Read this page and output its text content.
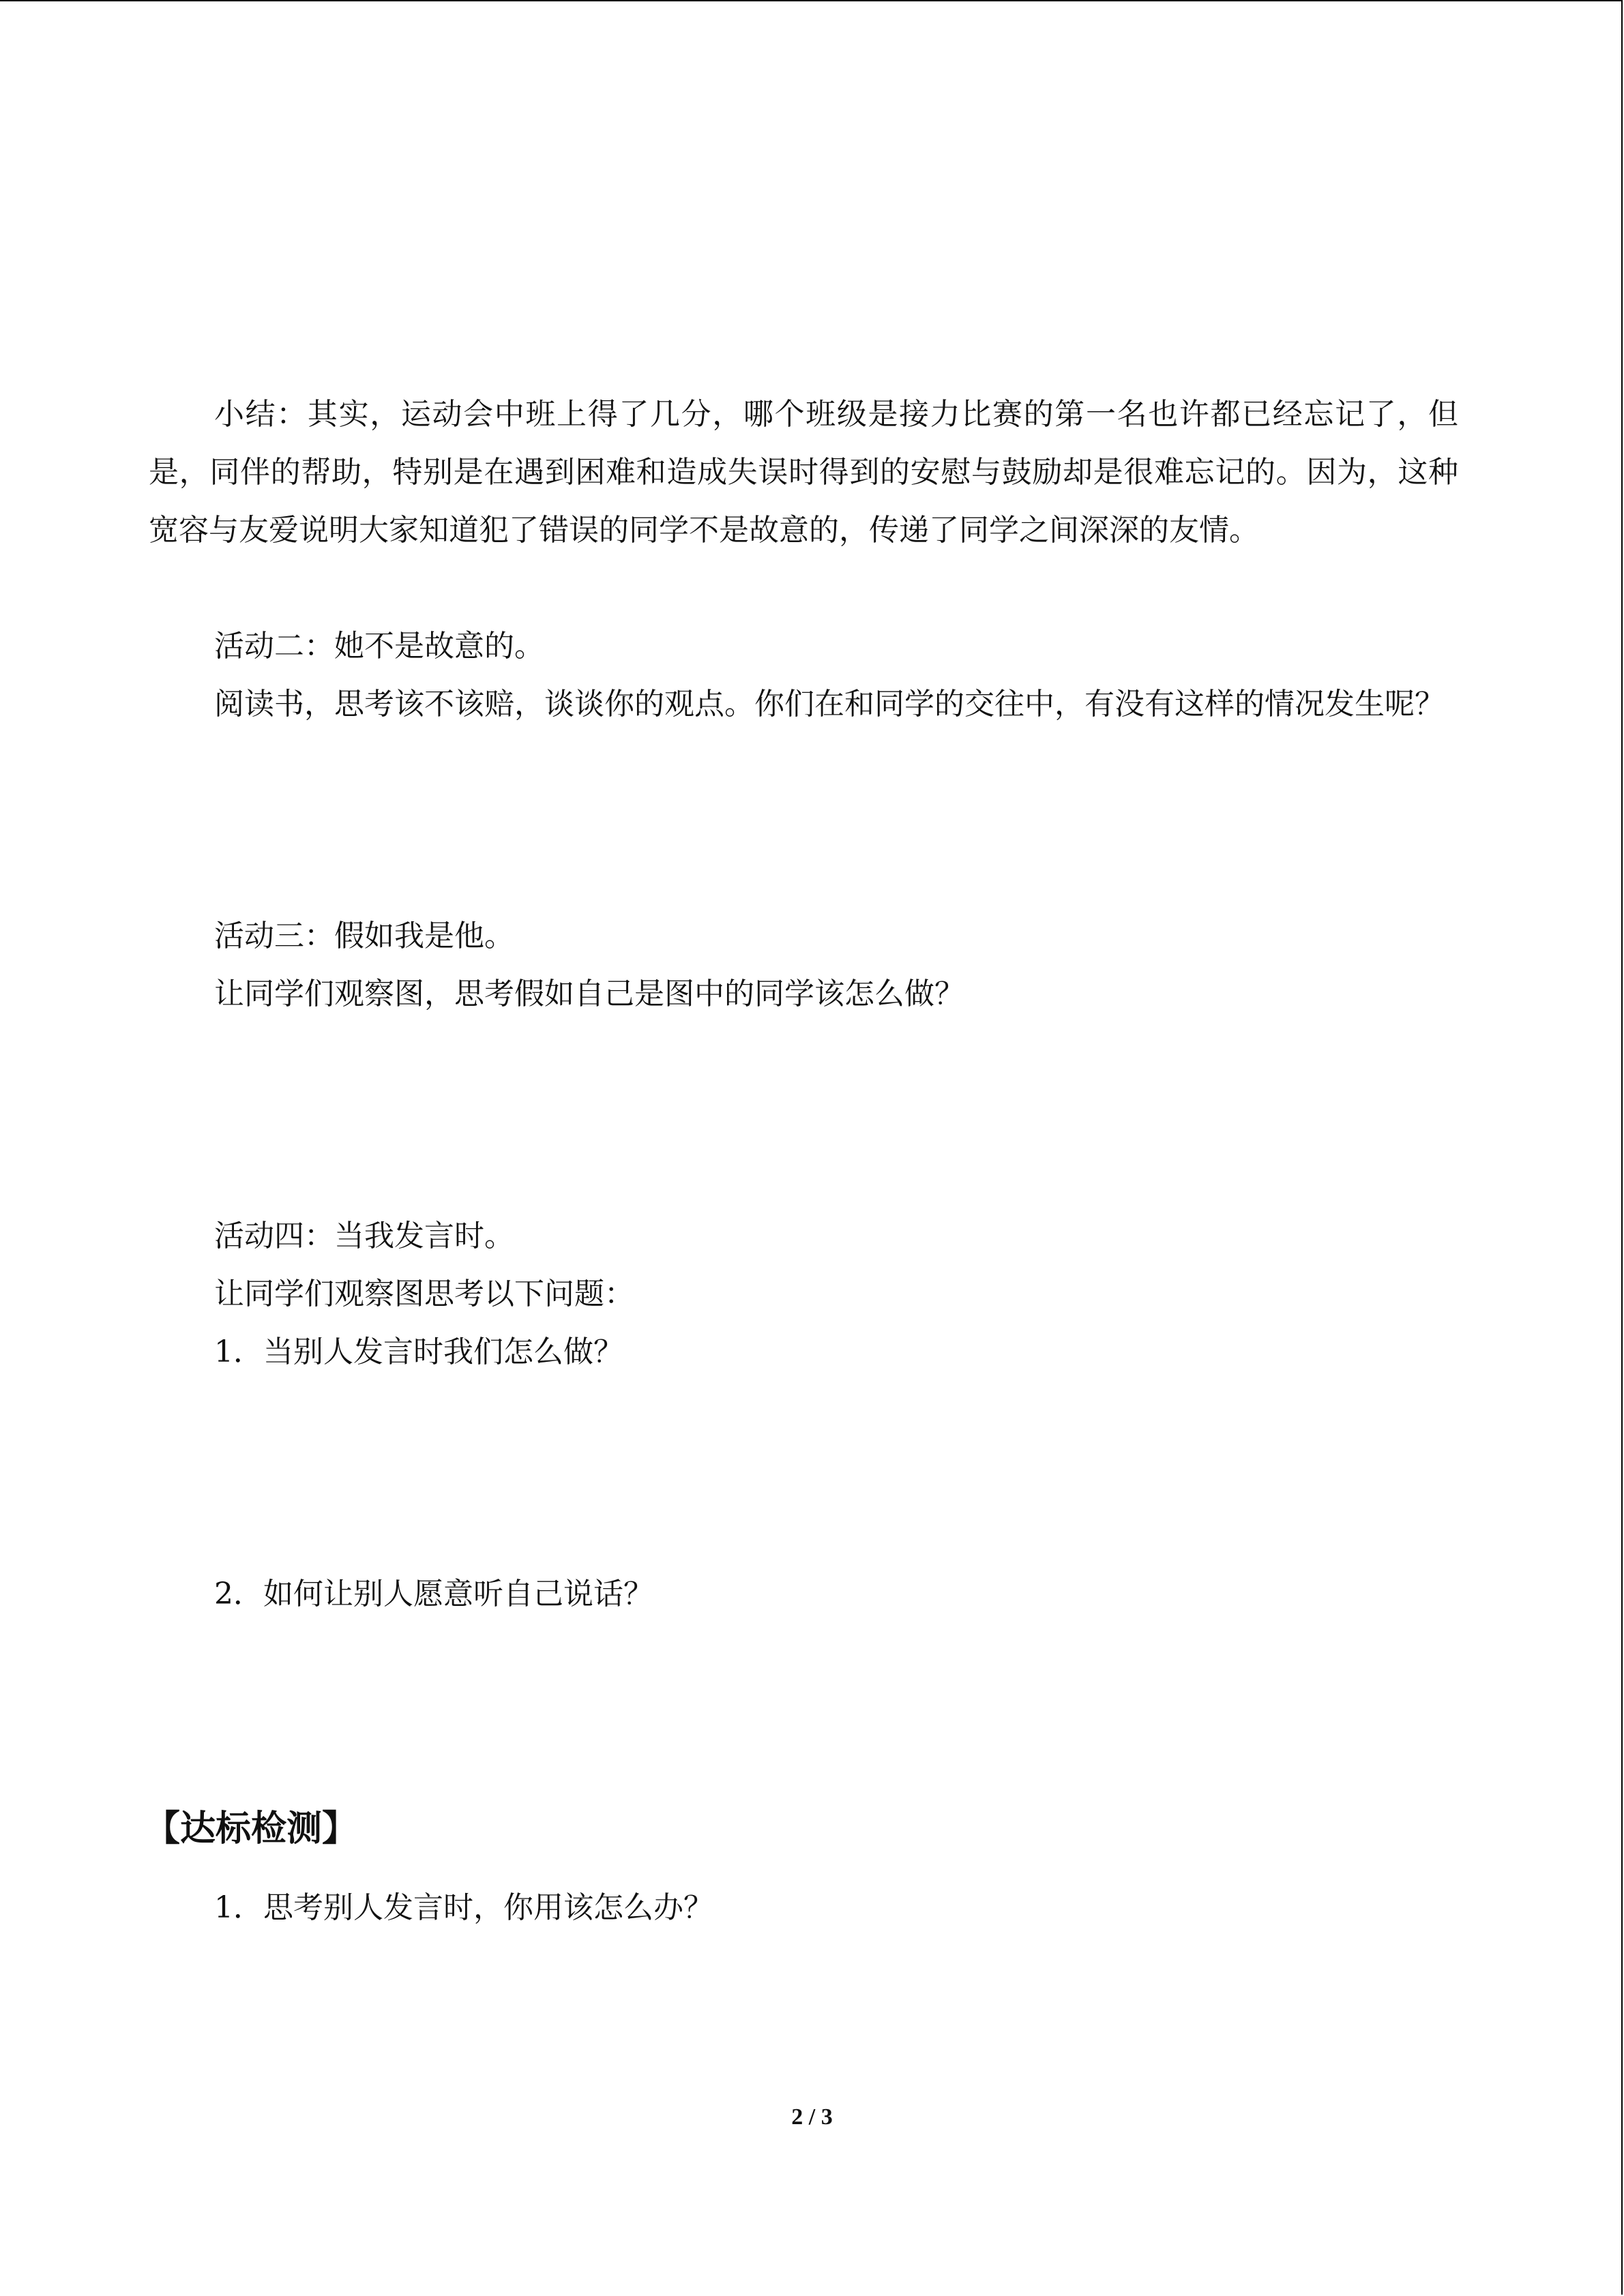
小结：其实，运动会中班上得了几分，哪个班级是接力比赛的第一名也许都已经忘记了，但是，同伴的帮助，特别是在遇到困难和造成失误时得到的安慰与鼓励却是很难忘记的。因为，这种宽容与友爱说明大家知道犯了错误的同学不是故意的，传递了同学之间深深的友情。

活动二：她不是故意的。

阅读书，思考该不该赔，谈谈你的观点。你们在和同学的交往中，有没有这样的情况发生呢？

活动三：假如我是他。

让同学们观察图，思考假如自己是图中的同学该怎么做？

活动四：当我发言时。

让同学们观察图思考以下问题：

1．当别人发言时我们怎么做？

2．如何让别人愿意听自己说话？

【达标检测】

1．思考别人发言时，你用该怎么办？

2 / 3
